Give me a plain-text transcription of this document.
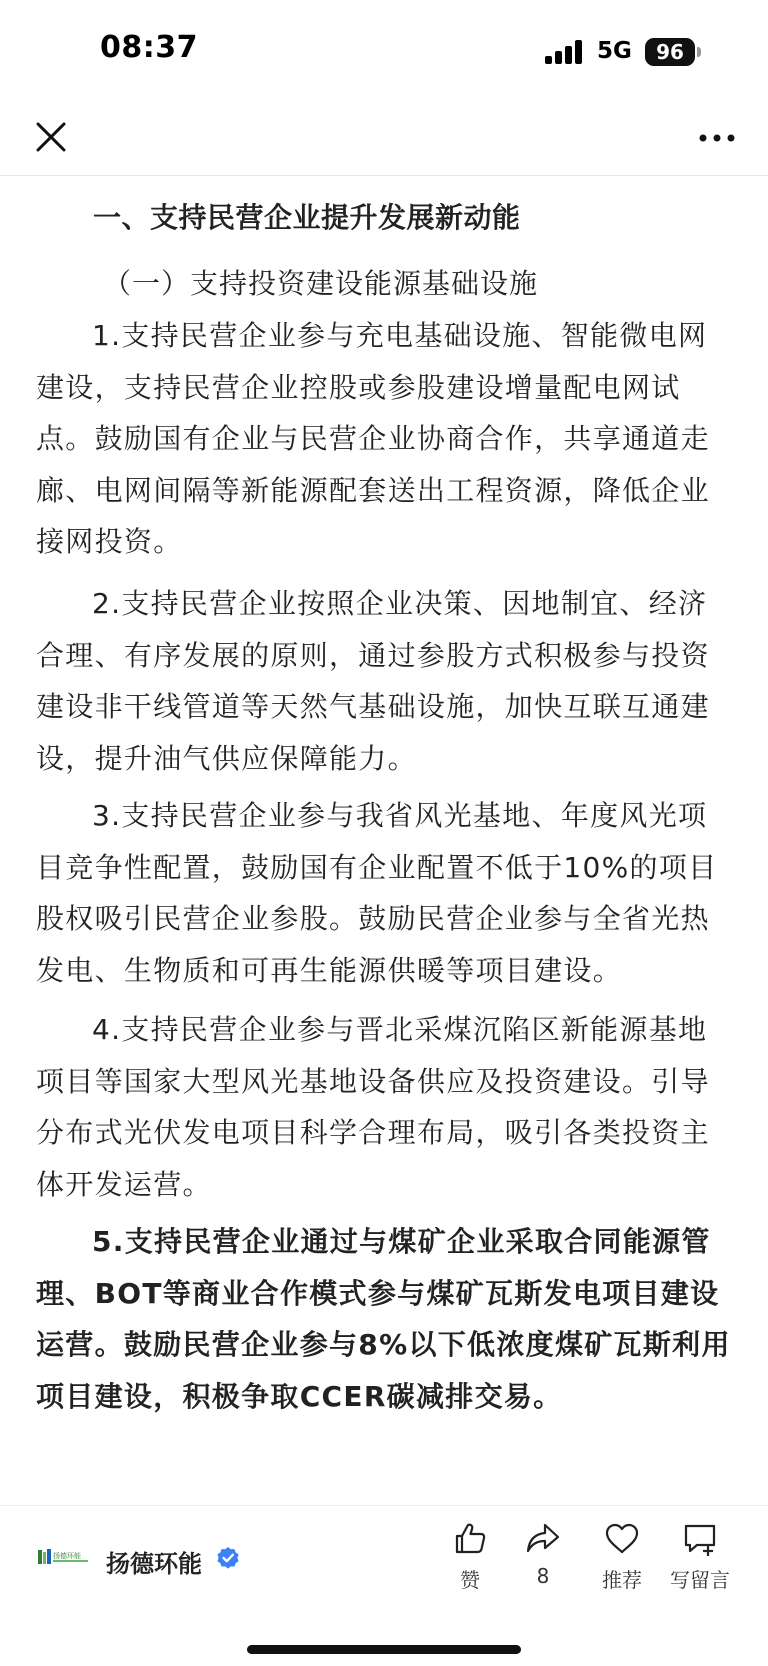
08:37	5G	96
一、支持民营企业提升发展新动能
（一）支持投资建设能源基础设施

1.支持民营企业参与充电基础设施、智能微电网建设，支持民营企业控股或参股建设增量配电网试点。鼓励国有企业与民营企业协商合作，共享通道走廊、电网间隔等新能源配套送出工程资源，降低企业接网投资。

2.支持民营企业按照企业决策、因地制宜、经济合理、有序发展的原则，通过参股方式积极参与投资建设非干线管道等天然气基础设施，加快互联互通建设，提升油气供应保障能力。

3.支持民营企业参与我省风光基地、年度风光项目竞争性配置，鼓励国有企业配置不低于10%的项目股权吸引民营企业参股。鼓励民营企业参与全省光热发电、生物质和可再生能源供暖等项目建设。

4.支持民营企业参与晋北采煤沉陷区新能源基地项目等国家大型风光基地设备供应及投资建设。引导分布式光伏发电项目科学合理布局，吸引各类投资主体开发运营。

5.支持民营企业通过与煤矿企业采取合同能源管理、BOT等商业合作模式参与煤矿瓦斯发电项目建设运营。鼓励民营企业参与8%以下低浓度煤矿瓦斯利用项目建设，积极争取CCER碳减排交易。

扬德环能 扬德环能
赞	8	推荐	写留言
